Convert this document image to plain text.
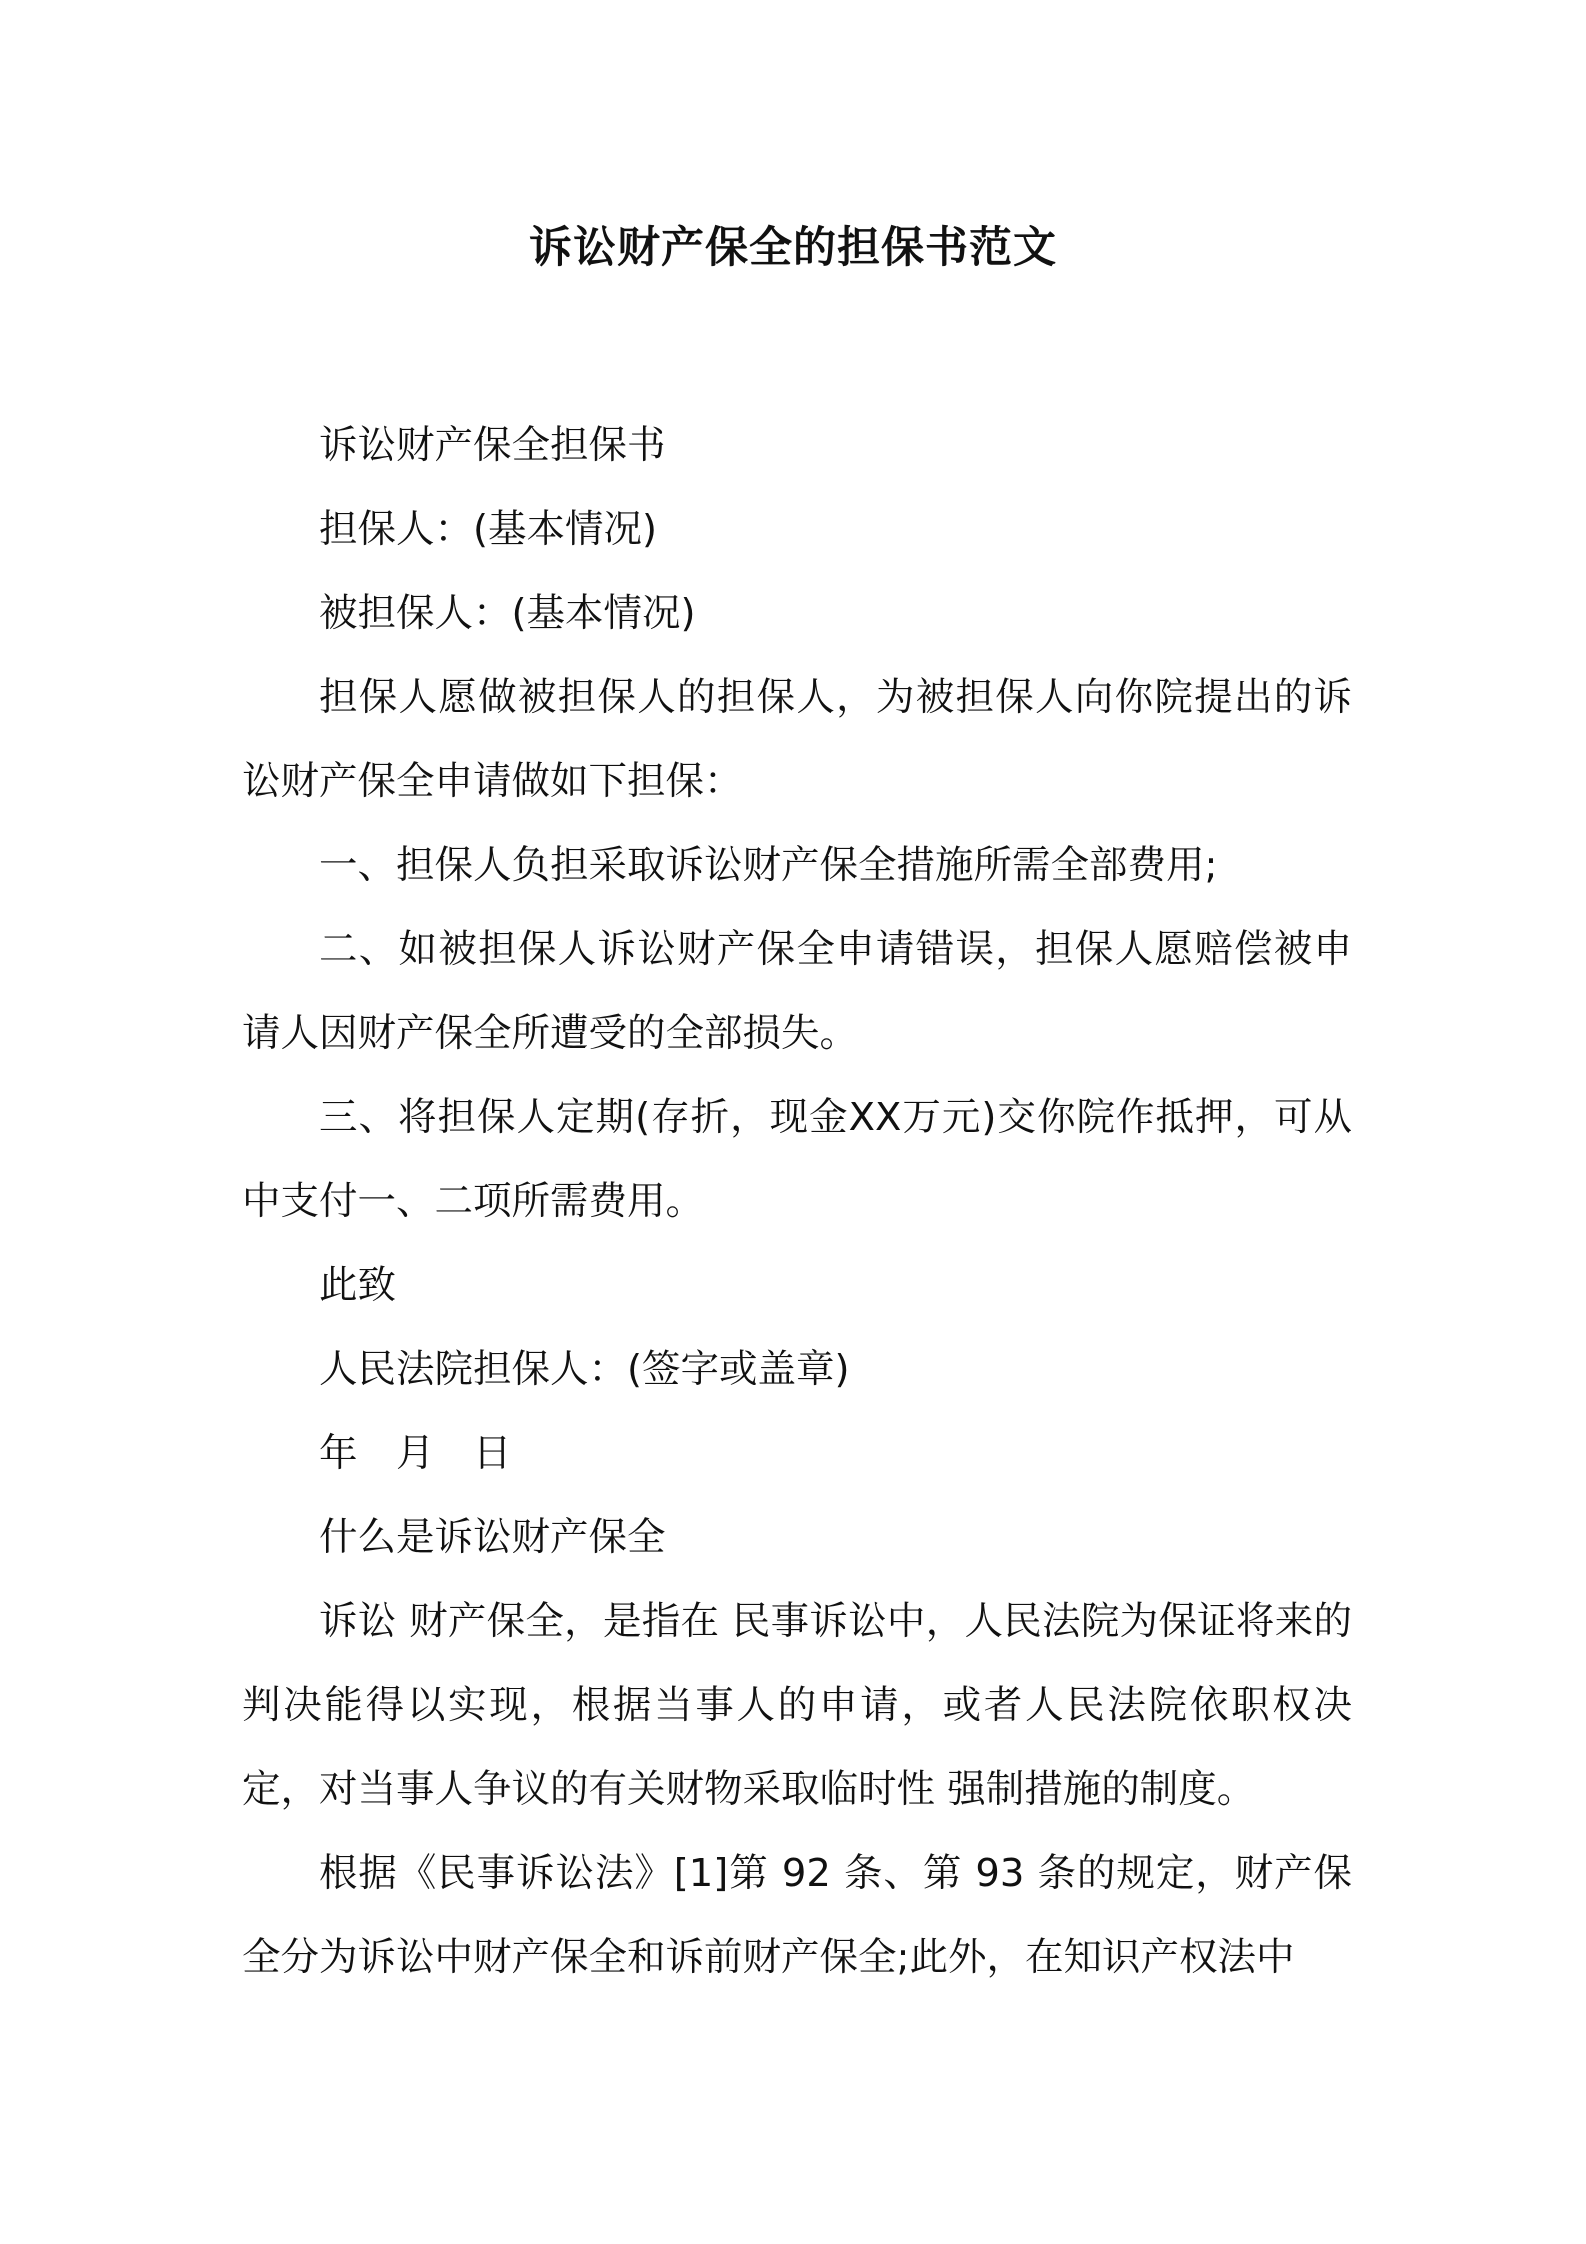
诉讼财产保全的担保书范文

诉讼财产保全担保书

担保人：(基本情况)

被担保人：(基本情况)

担保人愿做被担保人的担保人，为被担保人向你院提出的诉讼财产保全申请做如下担保：

一、担保人负担采取诉讼财产保全措施所需全部费用;

二、如被担保人诉讼财产保全申请错误，担保人愿赔偿被申请人因财产保全所遭受的全部损失。

三、将担保人定期(存折，现金XX万元)交你院作抵押，可从中支付一、二项所需费用。

此致

人民法院担保人：(签字或盖章)

年　月　日

什么是诉讼财产保全

诉讼 财产保全，是指在 民事诉讼中，人民法院为保证将来的判决能得以实现，根据当事人的申请，或者人民法院依职权决定，对当事人争议的有关财物采取临时性 强制措施的制度。

根据《民事诉讼法》[1]第 92 条、第 93 条的规定，财产保全分为诉讼中财产保全和诉前财产保全;此外，在知识产权法中
